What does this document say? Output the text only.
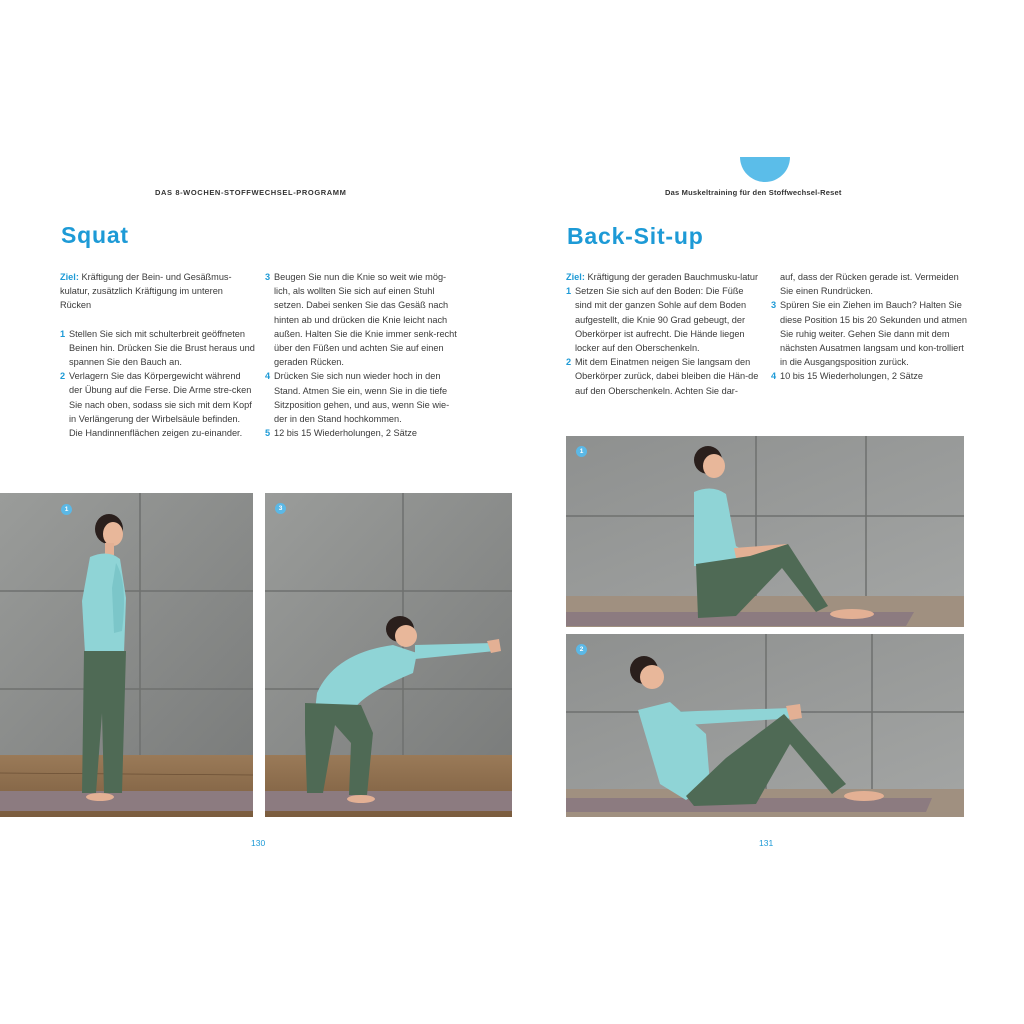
DAS 8-WOCHEN-STOFFWECHSEL-PROGRAMM
Squat

Ziel: Kräftigung der Bein- und Gesäßmus-kulatur, zusätzlich Kräftigung im unteren Rücken

1 Stellen Sie sich mit schulterbreit geöffneten Beinen hin. Drücken Sie die Brust heraus und spannen Sie den Bauch an.

2 Verlagern Sie das Körpergewicht während der Übung auf die Ferse. Die Arme stre-cken Sie nach oben, sodass sie sich mit dem Kopf in Verlängerung der Wirbelsäule befinden. Die Handinnenflächen zeigen zu-einander.

3 Beugen Sie nun die Knie so weit wie mög-lich, als wollten Sie sich auf einen Stuhl setzen. Dabei senken Sie das Gesäß nach hinten ab und drücken die Knie leicht nach außen. Halten Sie die Knie immer senk-recht über den Füßen und achten Sie auf einen geraden Rücken.

4 Drücken Sie sich nun wieder hoch in den Stand. Atmen Sie ein, wenn Sie in die tiefe Sitzposition gehen, und aus, wenn Sie wie-der in den Stand hochkommen.

5 12 bis 15 Wiederholungen, 2 Sätze

1	3
130
Das Muskeltraining für den Stoffwechsel-Reset
Back-Sit-up

Ziel: Kräftigung der geraden Bauchmusku-latur

1 Setzen Sie sich auf den Boden: Die Füße sind mit der ganzen Sohle auf dem Boden aufgestellt, die Knie 90 Grad gebeugt, der Oberkörper ist aufrecht. Die Hände liegen locker auf den Oberschenkeln.

2 Mit dem Einatmen neigen Sie langsam den Oberkörper zurück, dabei bleiben die Hän-de auf den Oberschenkeln. Achten Sie dar-

auf, dass der Rücken gerade ist. Vermeiden Sie einen Rundrücken.

3 Spüren Sie ein Ziehen im Bauch? Halten Sie diese Position 15 bis 20 Sekunden und atmen Sie ruhig weiter. Gehen Sie dann mit dem nächsten Ausatmen langsam und kon-trolliert in die Ausgangsposition zurück.

4 10 bis 15 Wiederholungen, 2 Sätze

1
2
131
